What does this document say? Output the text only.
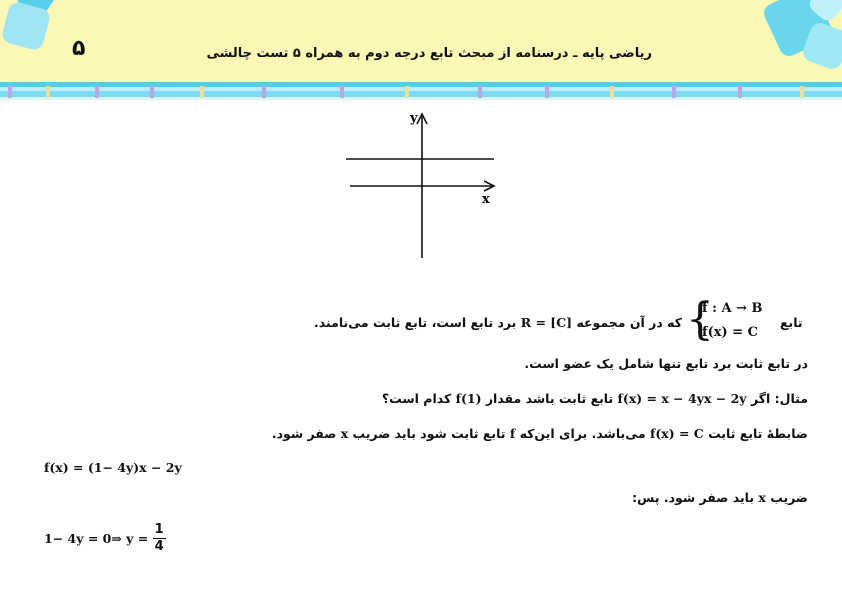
۵	ریاضی پایه ـ درسنامه از مبحث تابع درجه دوم به همراه ۵ تست چالشی
y
x
تابع
{
f : A → B
f(x) = C
که در آن مجموعه R = [C] برد تابع است، تابع ثابت می‌نامند.
در تابع ثابت برد تابع تنها شامل یک عضو است.
مثال: اگر f(x) = x − 4yx − 2y تابع ثابت باشد مقدار f(1) کدام است؟
ضابطهٔ تابع ثابت f(x) = C می‌باشد. برای این‌که f تابع ثابت شود باید ضریب x صفر شود.
f(x) = (1− 4y)x − 2y
ضریب x باید صفر شود. پس:
1− 4y = 0⇒ $y = \frac{1}{4}$
